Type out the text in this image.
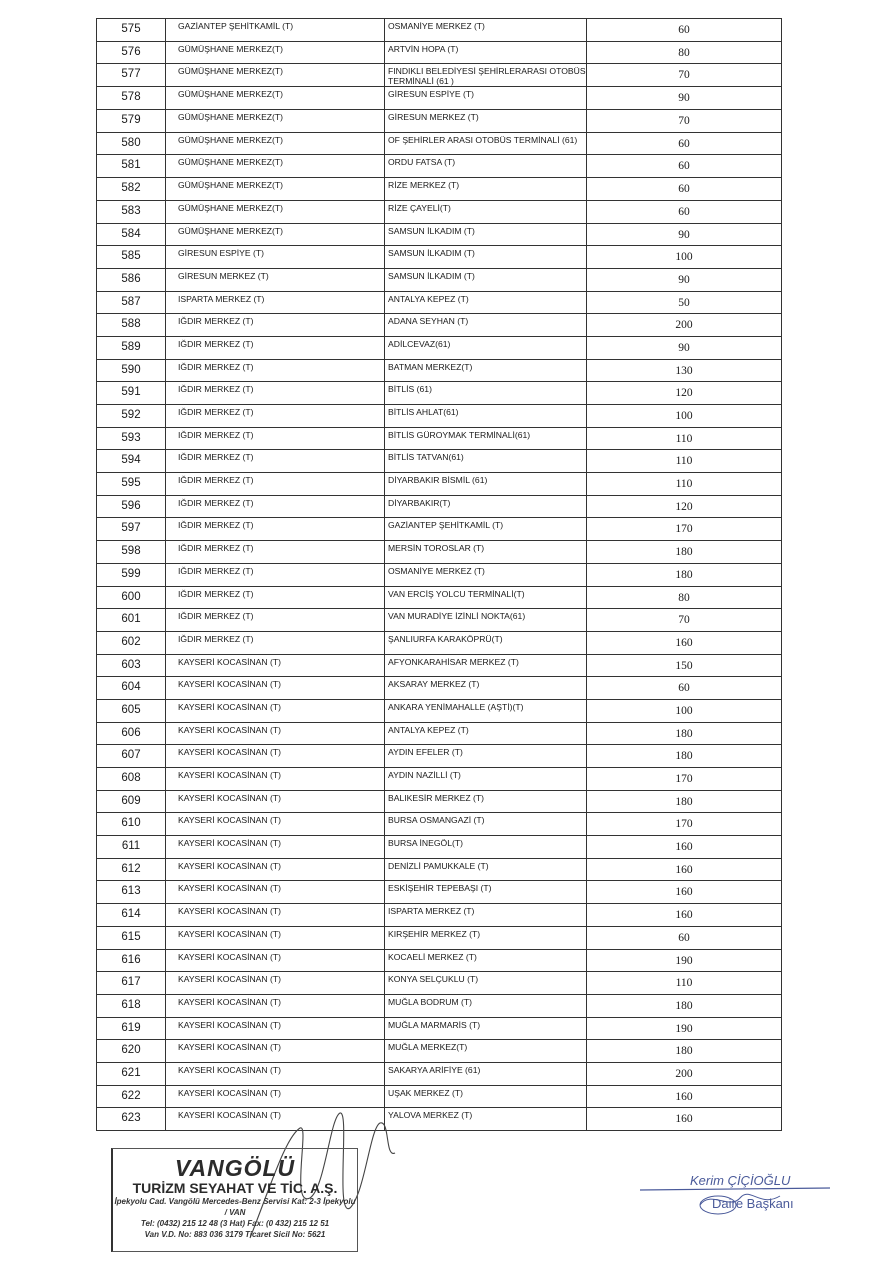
575	GAZİANTEP ŞEHİTKAMİL (T)	OSMANİYE MERKEZ (T)	60
576	GÜMÜŞHANE MERKEZ(T)	ARTVİN HOPA (T)	80
577	GÜMÜŞHANE MERKEZ(T)	FINDIKLI BELEDİYESİ ŞEHİRLERARASI OTOBÜS TERMİNALİ (61 )	70
578	GÜMÜŞHANE MERKEZ(T)	GİRESUN ESPİYE (T)	90
579	GÜMÜŞHANE MERKEZ(T)	GİRESUN MERKEZ (T)	70
580	GÜMÜŞHANE MERKEZ(T)	OF ŞEHİRLER ARASI OTOBÜS TERMİNALİ (61)	60
581	GÜMÜŞHANE MERKEZ(T)	ORDU FATSA (T)	60
582	GÜMÜŞHANE MERKEZ(T)	RİZE MERKEZ (T)	60
583	GÜMÜŞHANE MERKEZ(T)	RİZE ÇAYELİ(T)	60
584	GÜMÜŞHANE MERKEZ(T)	SAMSUN İLKADIM (T)	90
585	GİRESUN ESPİYE (T)	SAMSUN İLKADIM (T)	100
586	GİRESUN MERKEZ (T)	SAMSUN İLKADIM (T)	90
587	ISPARTA MERKEZ (T)	ANTALYA KEPEZ (T)	50
588	IĞDIR MERKEZ (T)	ADANA SEYHAN (T)	200
589	IĞDIR MERKEZ (T)	ADİLCEVAZ(61)	90
590	IĞDIR MERKEZ (T)	BATMAN MERKEZ(T)	130
591	IĞDIR MERKEZ (T)	BİTLİS (61)	120
592	IĞDIR MERKEZ (T)	BİTLİS AHLAT(61)	100
593	IĞDIR MERKEZ (T)	BİTLİS GÜROYMAK TERMİNALİ(61)	110
594	IĞDIR MERKEZ (T)	BİTLİS TATVAN(61)	110
595	IĞDIR MERKEZ (T)	DİYARBAKIR BİSMİL (61)	110
596	IĞDIR MERKEZ (T)	DİYARBAKIR(T)	120
597	IĞDIR MERKEZ (T)	GAZİANTEP ŞEHİTKAMİL (T)	170
598	IĞDIR MERKEZ (T)	MERSİN TOROSLAR (T)	180
599	IĞDIR MERKEZ (T)	OSMANİYE MERKEZ (T)	180
600	IĞDIR MERKEZ (T)	VAN ERCİŞ YOLCU TERMİNALİ(T)	80
601	IĞDIR MERKEZ (T)	VAN MURADİYE İZİNLİ NOKTA(61)	70
602	IĞDIR MERKEZ (T)	ŞANLIURFA KARAKÖPRÜ(T)	160
603	KAYSERİ KOCASİNAN (T)	AFYONKARAHİSAR MERKEZ (T)	150
604	KAYSERİ KOCASİNAN (T)	AKSARAY MERKEZ (T)	60
605	KAYSERİ KOCASİNAN (T)	ANKARA YENİMAHALLE (AŞTİ)(T)	100
606	KAYSERİ KOCASİNAN (T)	ANTALYA KEPEZ (T)	180
607	KAYSERİ KOCASİNAN (T)	AYDIN EFELER (T)	180
608	KAYSERİ KOCASİNAN (T)	AYDIN NAZİLLİ (T)	170
609	KAYSERİ KOCASİNAN (T)	BALIKESİR MERKEZ (T)	180
610	KAYSERİ KOCASİNAN (T)	BURSA OSMANGAZİ (T)	170
611	KAYSERİ KOCASİNAN (T)	BURSA İNEGÖL(T)	160
612	KAYSERİ KOCASİNAN (T)	DENİZLİ PAMUKKALE (T)	160
613	KAYSERİ KOCASİNAN (T)	ESKİŞEHİR TEPEBAŞI (T)	160
614	KAYSERİ KOCASİNAN (T)	ISPARTA MERKEZ (T)	160
615	KAYSERİ KOCASİNAN (T)	KIRŞEHİR MERKEZ (T)	60
616	KAYSERİ KOCASİNAN (T)	KOCAELİ MERKEZ (T)	190
617	KAYSERİ KOCASİNAN (T)	KONYA SELÇUKLU (T)	110
618	KAYSERİ KOCASİNAN (T)	MUĞLA BODRUM (T)	180
619	KAYSERİ KOCASİNAN (T)	MUĞLA MARMARİS (T)	190
620	KAYSERİ KOCASİNAN (T)	MUĞLA MERKEZ(T)	180
621	KAYSERİ KOCASİNAN (T)	SAKARYA ARİFİYE (61)	200
622	KAYSERİ KOCASİNAN (T)	UŞAK MERKEZ (T)	160
623	KAYSERİ KOCASİNAN (T)	YALOVA MERKEZ (T)	160
VANGÖLÜ
TURİZM SEYAHAT VE TİC. A.Ş.
İpekyolu Cad. Vangölü Mercedes-Benz Servisi Kat: 2-3 İpekyolu / VAN
Tel: (0432) 215 12 48 (3 Hat) Fax: (0 432) 215 12 51
Van V.D. No: 883 036 3179 Ticaret Sicil No: 5621
Kerim ÇİÇİOĞLU
Daire Başkanı
